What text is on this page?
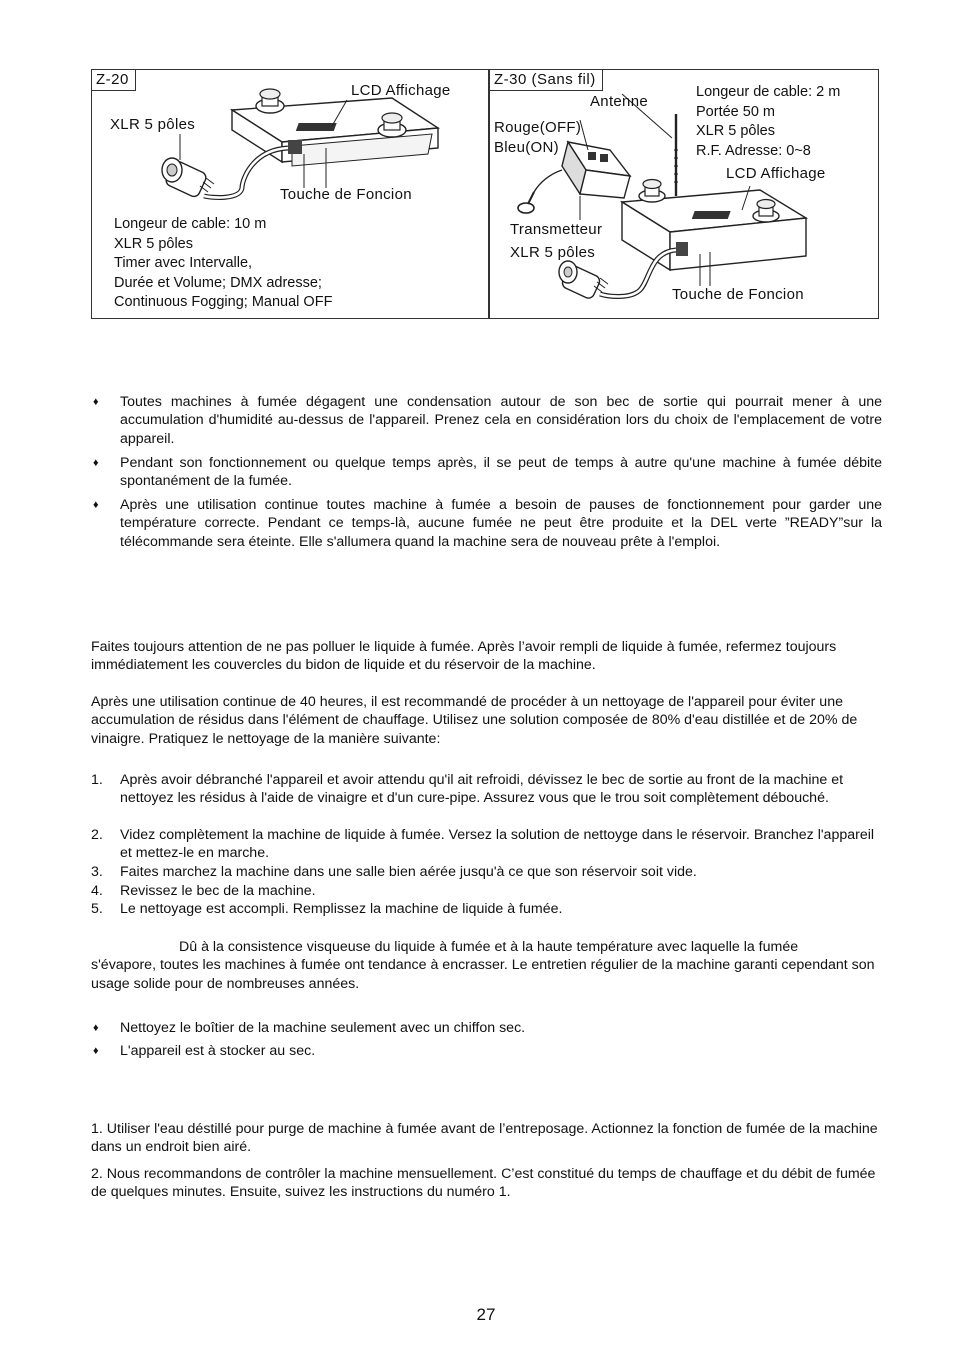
Z-20
LCD Affichage
XLR 5 pôles
Touche de Foncion
Longeur de cable: 10 m
XLR 5 pôles
Timer avec Intervalle,
Durée et Volume; DMX adresse;
Continuous Fogging; Manual OFF
Z-30 (Sans fil)
Antenne
Rouge(OFF)
Bleu(ON)
Transmetteur
XLR 5 pôles
LCD Affichage
Touche de Foncion
Longeur de cable: 2 m
Portée 50 m
XLR 5 pôles
R.F. Adresse: 0~8
♦ Toutes machines à fumée dégagent une condensation autour de son bec de sortie qui pourrait mener à une accumulation d'humidité au-dessus de l'appareil. Prenez cela en considération lors du choix de l'emplacement de votre appareil.
♦ Pendant son fonctionnement ou quelque temps après, il se peut de temps à autre qu'une machine à fumée débite spontanément de la fumée.
♦ Après une utilisation continue toutes machine à fumée a besoin de pauses de fonctionnement pour garder une température correcte. Pendant ce temps-là, aucune fumée ne peut être produite et la DEL verte ”READY”sur la télécommande sera éteinte. Elle s'allumera quand la machine sera de nouveau prête à l'emploi.
Faites toujours attention de ne pas polluer le liquide à fumée. Après l’avoir rempli de liquide à fumée, refermez toujours immédiatement les couvercles du bidon de liquide et du réservoir de la machine.
Après une utilisation continue de 40 heures, il est recommandé de procéder à un nettoyage de l'appareil pour éviter une accumulation de résidus dans l'élément de chauffage. Utilisez une solution composée de 80% d'eau distillée et de 20% de vinaigre. Pratiquez le nettoyage de la manière suivante:
1. Après avoir débranché l'appareil et avoir attendu qu'il ait refroidi, dévissez le bec de sortie au front de la machine et nettoyez les résidus à l'aide de vinaigre et d'un cure-pipe. Assurez vous que le trou soit complètement débouché.
2. Videz complètement la machine de liquide à fumée. Versez la solution de nettoyge dans le réservoir. Branchez l'appareil et mettez-le en marche.
3. Faites marchez la machine dans une salle bien aérée jusqu'à ce que son réservoir soit vide.
4. Revissez le bec de la machine.
5. Le nettoyage est accompli. Remplissez la machine de liquide à fumée.
Dû à la consistence visqueuse du liquide à fumée et à la haute température avec laquelle la fumée
s'évapore, toutes les machines à fumée ont tendance à encrasser. Le entretien régulier de la machine garanti cependant son usage solide pour de nombreuses années.
♦ Nettoyez le boîtier de la machine seulement avec un chiffon sec.
♦ L'appareil est à stocker au sec.
1. Utiliser l'eau déstillé pour purge de machine à fumée avant de l’entreposage. Actionnez la fonction de fumée de la machine dans un endroit bien airé.
2. Nous recommandons de contrôler la machine mensuellement. C’est constitué du temps de chauffage et du débit de fumée de quelques minutes. Ensuite, suivez les instructions du numéro 1.
27
